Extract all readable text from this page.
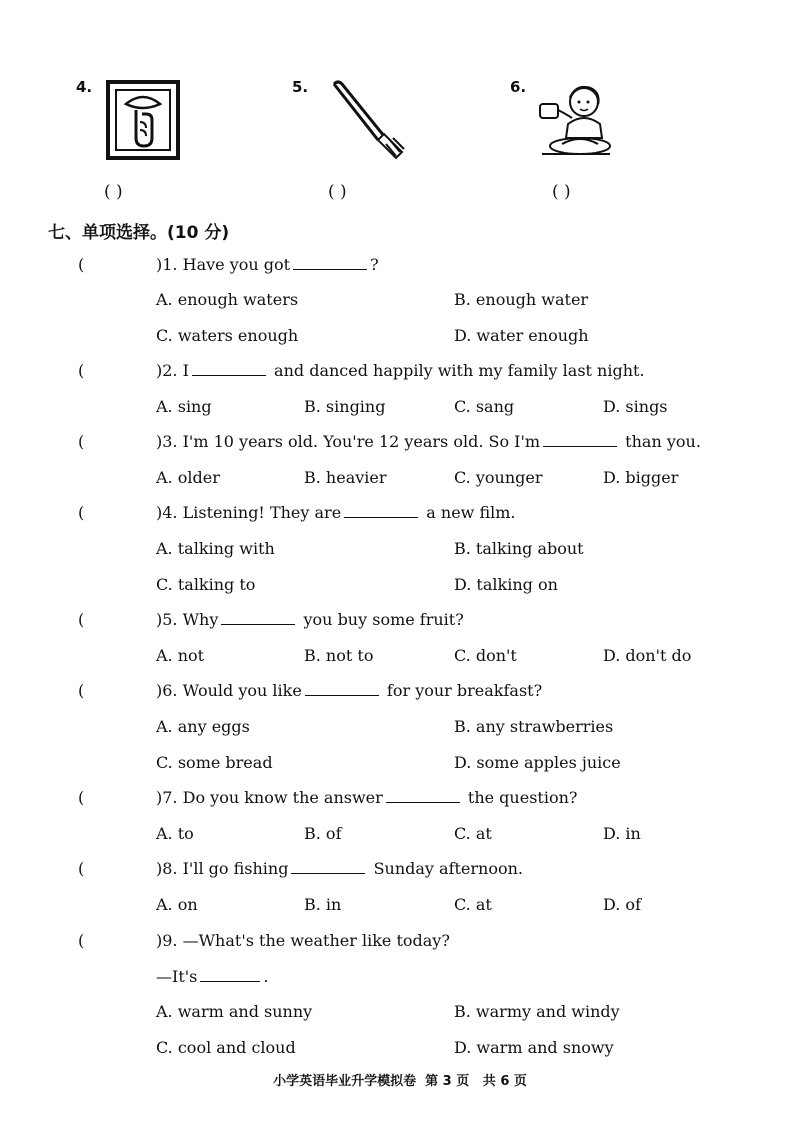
4.	5.	6.
( )	( )	( )
七、单项选择。(10 分)
(	)1. Have you got	?
A. enough waters	B. enough water
C. waters enough	D. water enough
(	)2. I	and danced happily with my family last night.
A. sing	B. singing	C. sang	D. sings
(	)3. I'm 10 years old. You're 12 years old. So I'm	than you.
A. older	B. heavier	C. younger	D. bigger
(	)4. Listening! They are	a new film.
A. talking with	B. talking about
C. talking to	D. talking on
(	)5. Why	you buy some fruit?
A. not	B. not to	C. don't	D. don't do
(	)6. Would you like	for your breakfast?
A. any eggs	B. any strawberries
C. some bread	D. some apples juice
(	)7. Do you know the answer	the question?
A. to	B. of	C. at	D. in
(	)8. I'll go fishing	Sunday afternoon.
A. on	B. in	C. at	D. of
(	)9. —What's the weather like today?
—It's	.
A. warm and sunny	B. warmy and windy
C. cool and cloud	D. warm and snowy
小学英语毕业升学模拟卷  第 3 页   共 6 页
